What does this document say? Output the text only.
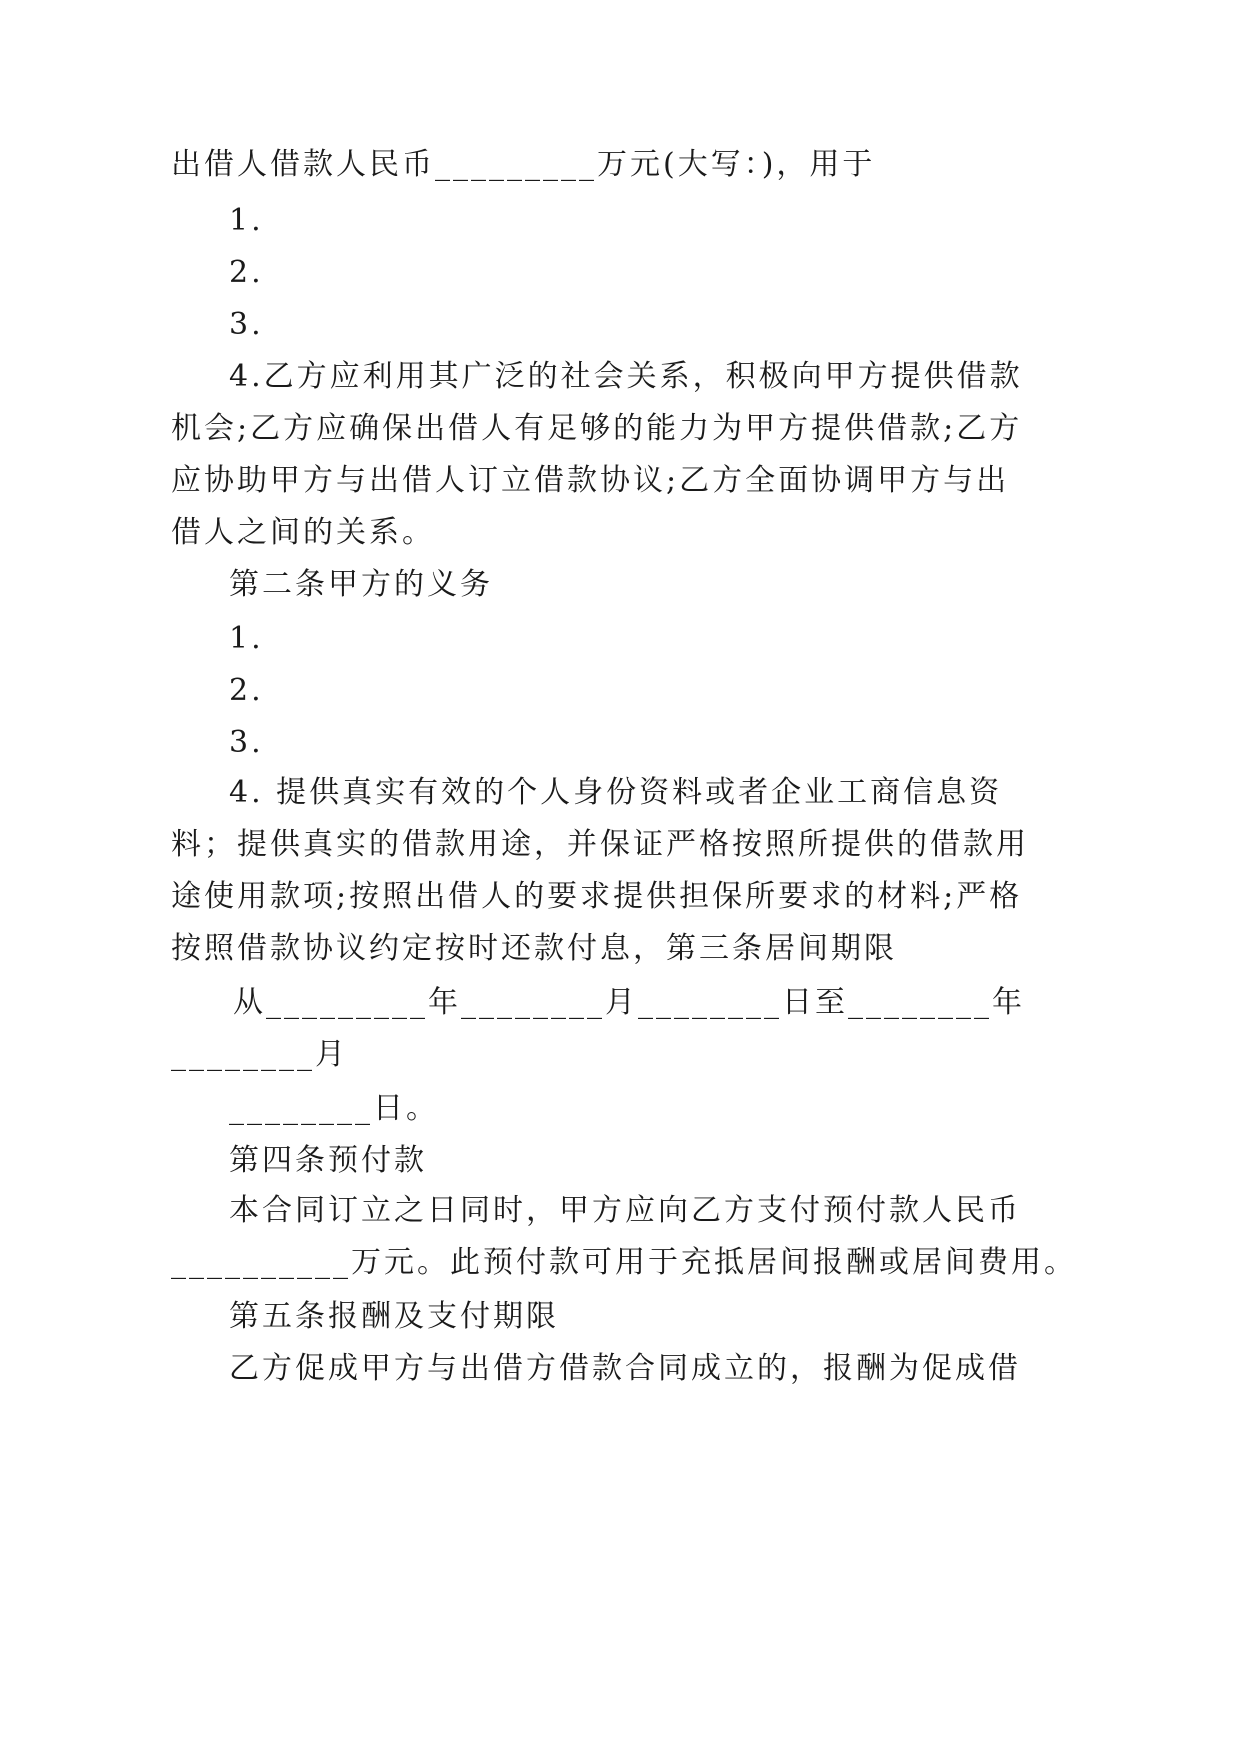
出借人借款人民币_________万元(大写：)，用于
1.
2.
3.
4.乙方应利用其广泛的社会关系，积极向甲方提供借款
机会;乙方应确保出借人有足够的能力为甲方提供借款;乙方
应协助甲方与出借人订立借款协议;乙方全面协调甲方与出
借人之间的关系。
第二条甲方的义务
1.
2.
3.
4. 提供真实有效的个人身份资料或者企业工商信息资
料；提供真实的借款用途，并保证严格按照所提供的借款用
途使用款项;按照出借人的要求提供担保所要求的材料;严格
按照借款协议约定按时还款付息，第三条居间期限
从_________年________月________日至________年
________月
________日。
第四条预付款
本合同订立之日同时，甲方应向乙方支付预付款人民币
__________万元。此预付款可用于充抵居间报酬或居间费用。
第五条报酬及支付期限
乙方促成甲方与出借方借款合同成立的，报酬为促成借
